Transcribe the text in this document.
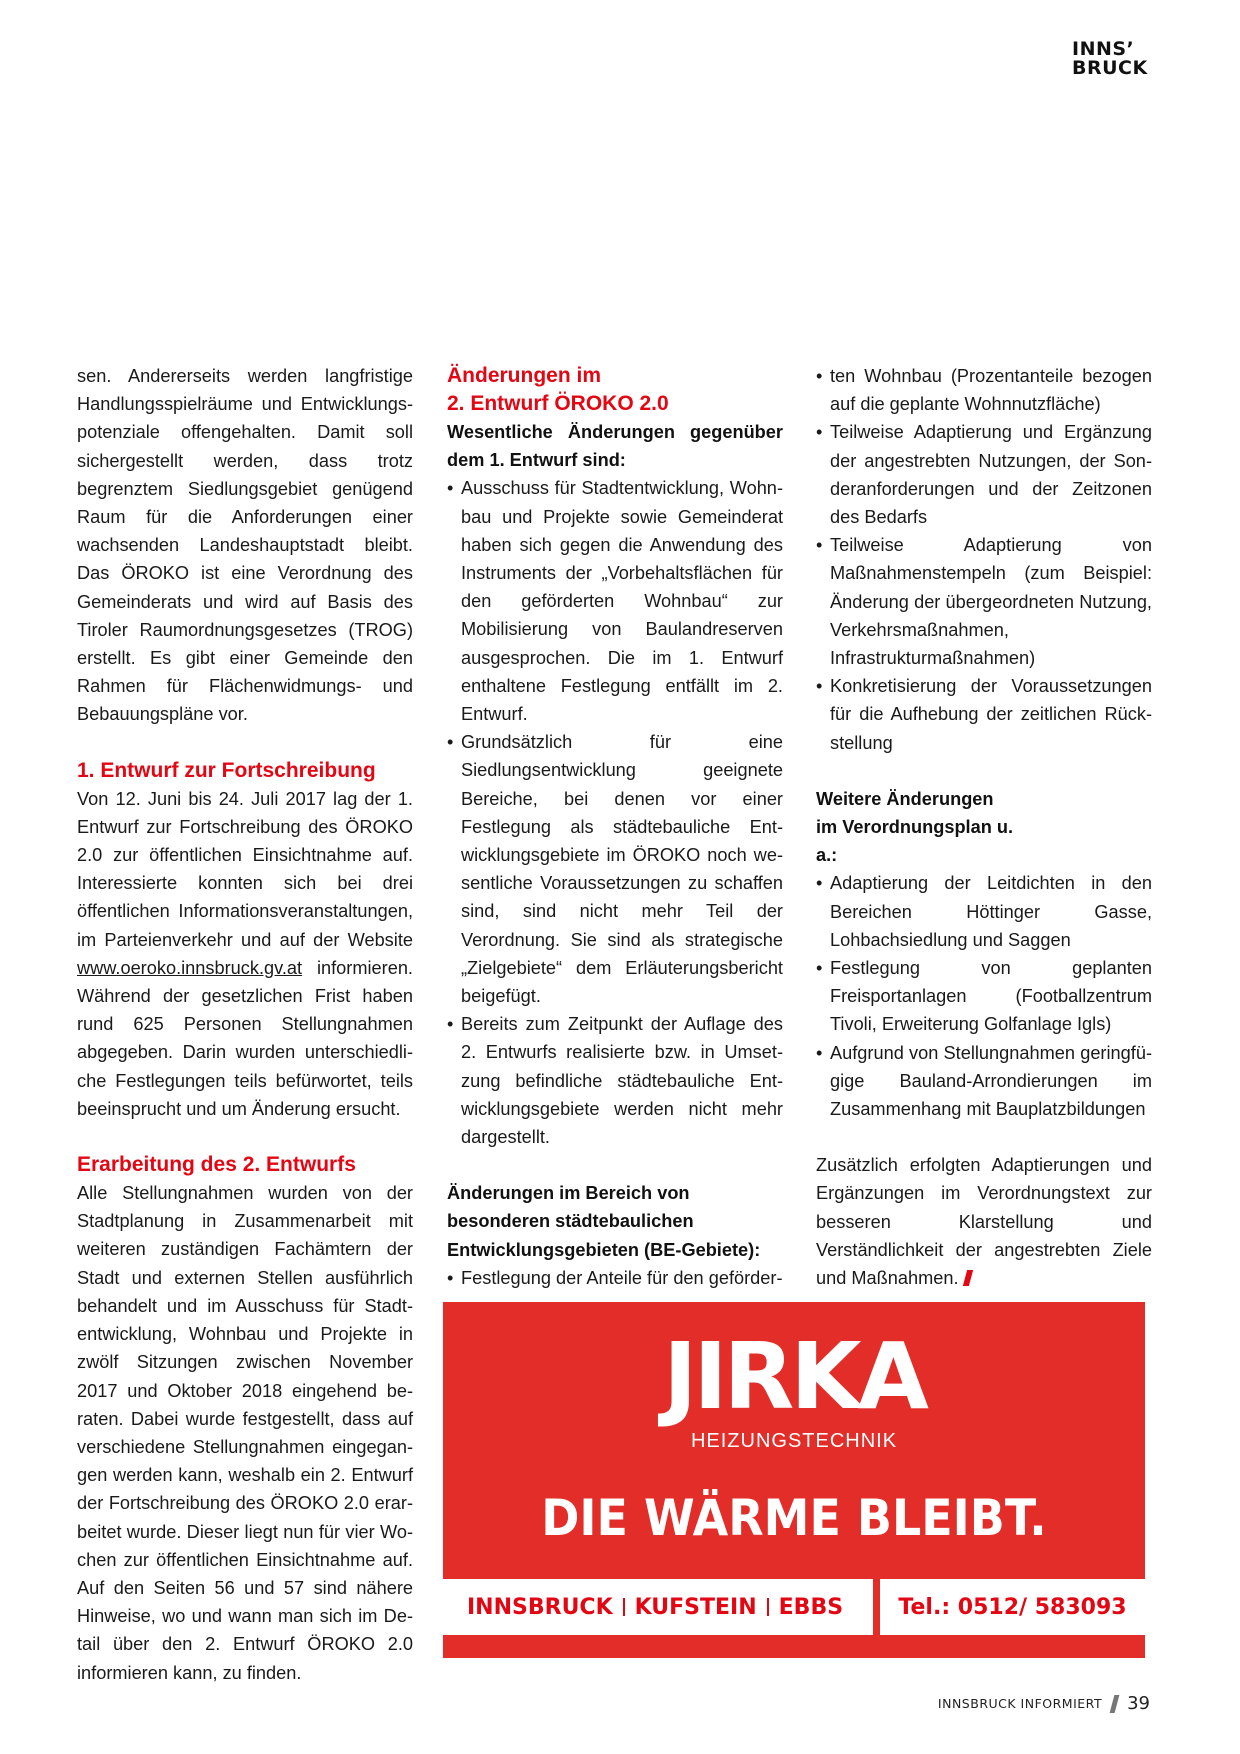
INNS’
BRUCK

sen. Andererseits werden langfristige Handlungsspielräume und Entwicklungspotenziale offengehalten. Damit soll sichergestellt werden, dass trotz begrenztem Siedlungsgebiet genügend Raum für die Anforderungen einer wachsenden Landeshauptstadt bleibt. Das ÖROKO ist eine Verordnung des Gemeinderats und wird auf Basis des Tiroler Raumordnungsgesetzes (TROG) erstellt. Es gibt einer Gemeinde den Rahmen für Flächenwidmungs- und Bebauungspläne vor.

1. Entwurf zur Fortschreibung

Von 12. Juni bis 24. Juli 2017 lag der 1. Entwurf zur Fortschreibung des ÖROKO 2.0 zur öffentlichen Einsichtnahme auf. Interessierte konnten sich bei drei öffentlichen Informationsveranstaltungen, im Parteienverkehr und auf der Website www.oeroko.innsbruck.gv.at informieren. Während der gesetzlichen Frist haben rund 625 Personen Stellungnahmen abgegeben. Darin wurden unterschiedliche Festlegungen teils befürwortet, teils beeinsprucht und um Änderung ersucht.

Erarbeitung des 2. Entwurfs

Alle Stellungnahmen wurden von der Stadtplanung in Zusammenarbeit mit weiteren zuständigen Fachämtern der Stadt und externen Stellen ausführlich behandelt und im Ausschuss für Stadtentwicklung, Wohnbau und Projekte in zwölf Sitzungen zwischen November 2017 und Oktober 2018 eingehend beraten. Dabei wurde festgestellt, dass auf verschiedene Stellungnahmen eingegangen werden kann, weshalb ein 2. Entwurf der Fortschreibung des ÖROKO 2.0 erarbeitet wurde. Dieser liegt nun für vier Wochen zur öffentlichen Einsichtnahme auf. Auf den Seiten 56 und 57 sind nähere Hinweise, wo und wann man sich im Detail über den 2. Entwurf ÖROKO 2.0 informieren kann, zu finden.

Änderungen im
2. Entwurf ÖROKO 2.0
Wesentliche Änderungen gegenüber dem 1. Entwurf sind:
• Ausschuss für Stadtentwicklung, Wohnbau und Projekte sowie Gemeinderat haben sich gegen die Anwendung des Instruments der „Vorbehaltsflächen für den geförderten Wohnbau“ zur Mobilisierung von Baulandreserven ausgesprochen. Die im 1. Entwurf enthaltene Festlegung entfällt im 2. Entwurf.
• Grundsätzlich für eine Siedlungsentwicklung geeignete Bereiche, bei denen vor einer Festlegung als städtebauliche Entwicklungsgebiete im ÖROKO noch wesentliche Voraussetzungen zu schaffen sind, sind nicht mehr Teil der Verordnung. Sie sind als strategische „Zielgebiete“ dem Erläuterungsbericht beigefügt.
• Bereits zum Zeitpunkt der Auflage des 2. Entwurfs realisierte bzw. in Umsetzung befindliche städtebauliche Entwicklungsgebiete werden nicht mehr dargestellt.
Änderungen im Bereich von besonderen städtebaulichen Entwicklungsgebieten (BE-Gebiete):
• Festlegung der Anteile für den geförder-
• ten Wohnbau (Prozentanteile bezogen auf die geplante Wohnnutzfläche)
• Teilweise Adaptierung und Ergänzung der angestrebten Nutzungen, der Sonderanforderungen und der Zeitzonen des Bedarfs
• Teilweise Adaptierung von Maßnahmenstempeln (zum Beispiel: Änderung der übergeordneten Nutzung, Verkehrsmaßnahmen, Infrastrukturmaßnahmen)
• Konkretisierung der Voraussetzungen für die Aufhebung der zeitlichen Rückstellung
Weitere Änderungen im Verordnungsplan u. a.:
• Adaptierung der Leitdichten in den Bereichen Höttinger Gasse, Lohbachsiedlung und Saggen
• Festlegung von geplanten Freisportanlagen (Footballzentrum Tivoli, Erweiterung Golfanlage Igls)
• Aufgrund von Stellungnahmen geringfügige Bauland-Arrondierungen im Zusammenhang mit Bauplatzbildungen

Zusätzlich erfolgten Adaptierungen und Ergänzungen im Verordnungstext zur besseren Klarstellung und Verständlichkeit der angestrebten Ziele und Maßnahmen.

JIRKA
HEIZUNGSTECHNIK
DIE WÄRME BLEIBT.
INNSBRUCK KUFSTEIN EBBS	Tel.: 0512/ 583093
INNSBRUCK INFORMIERT 39
